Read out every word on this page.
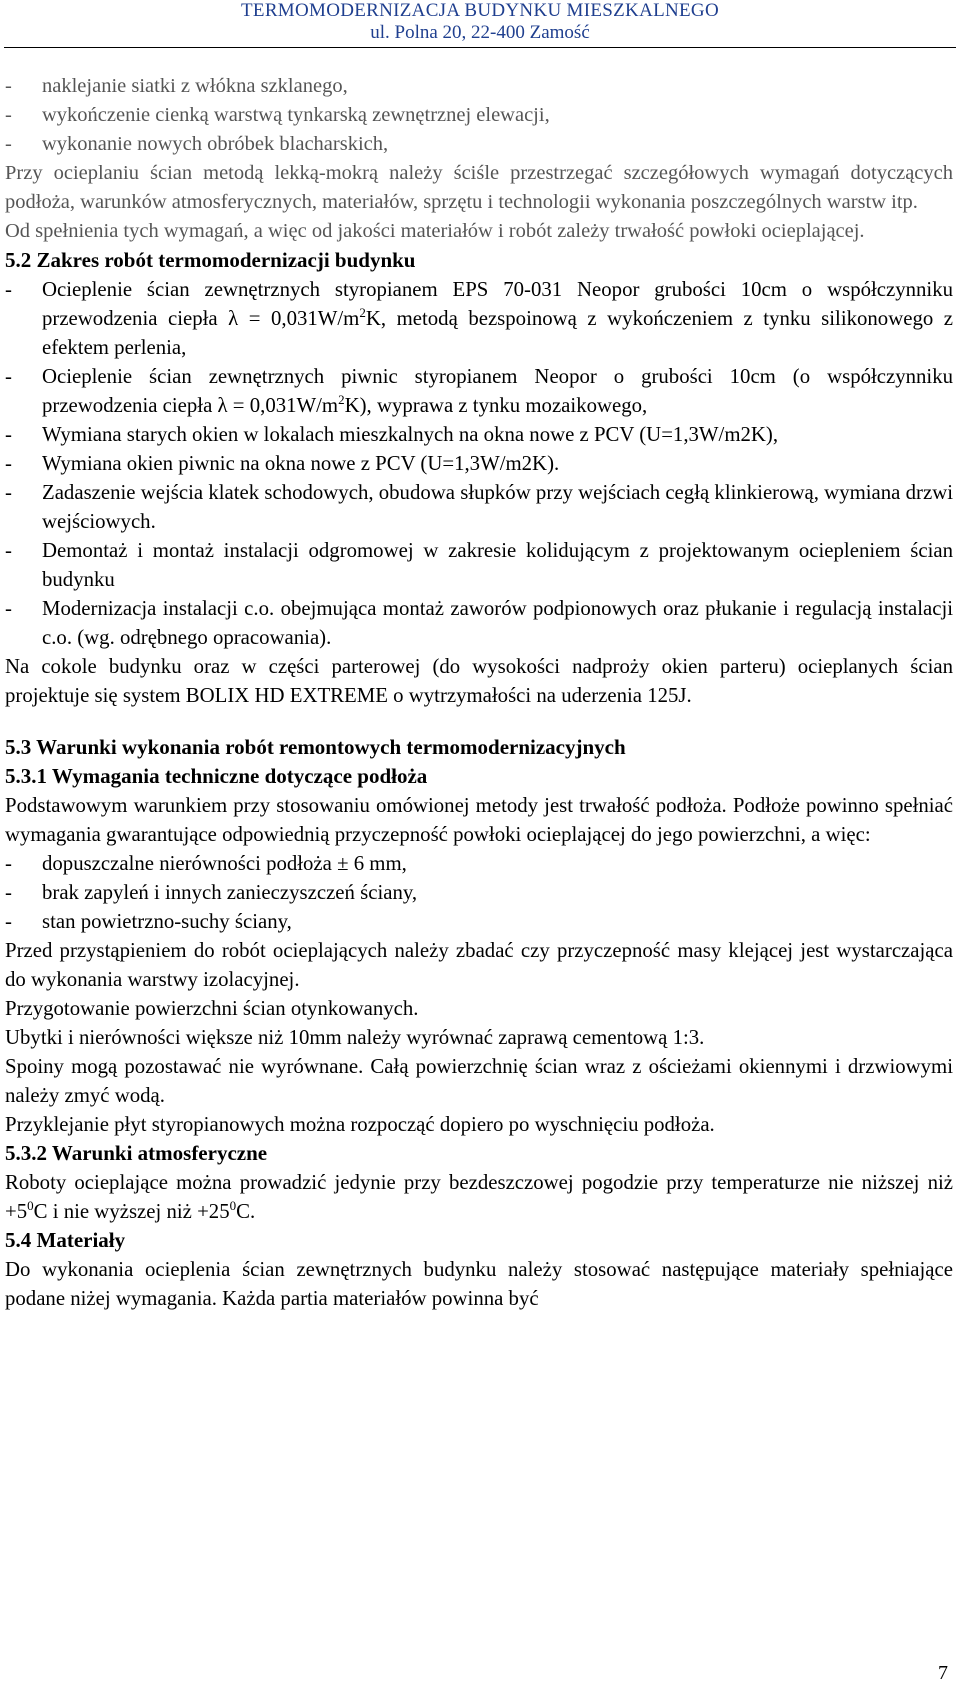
TERMOMODERNIZACJA BUDYNKU MIESZKALNEGO
ul. Polna 20, 22-400 Zamość
-	naklejanie siatki z włókna szklanego,
-	wykończenie cienką warstwą tynkarską zewnętrznej elewacji,
-	wykonanie nowych obróbek blacharskich,
Przy ocieplaniu ścian metodą lekką-mokrą należy ściśle przestrzegać szczegółowych wymagań dotyczących podłoża, warunków atmosferycznych, materiałów, sprzętu i technologii wykonania poszczególnych warstw itp.
Od spełnienia tych wymagań, a więc od jakości materiałów i robót zależy trwałość powłoki ocieplającej.
5.2 Zakres robót termomodernizacji budynku
-	Ocieplenie ścian zewnętrznych styropianem EPS 70-031 Neopor grubości 10cm o współczynniku przewodzenia ciepła $\lambda = 0,031W/m^2K$, metodą bezspoinową z wykończeniem z tynku silikonowego z efektem perlenia,
-	Ocieplenie ścian zewnętrznych piwnic styropianem Neopor o grubości 10cm (o współczynniku przewodzenia ciepła $\lambda = 0,031W/m^2K$), wyprawa z tynku mozaikowego,
-	Wymiana starych okien w lokalach mieszkalnych na okna nowe z PCV (U=1,3W/m2K),
-	Wymiana okien piwnic na okna nowe z PCV (U=1,3W/m2K).
-	Zadaszenie wejścia klatek schodowych, obudowa słupków przy wejściach cegłą klinkierową, wymiana drzwi wejściowych.
-	Demontaż i montaż instalacji odgromowej w zakresie kolidującym z projektowanym ociepleniem ścian budynku
-	Modernizacja instalacji c.o. obejmująca montaż zaworów podpionowych oraz płukanie i regulacją instalacji c.o. (wg. odrębnego opracowania).
Na cokole budynku oraz w części parterowej (do wysokości nadproży okien parteru) ocieplanych ścian projektuje się system BOLIX HD EXTREME o wytrzymałości na uderzenia 125J.
5.3 Warunki wykonania robót remontowych termomodernizacyjnych
5.3.1 Wymagania techniczne dotyczące podłoża
Podstawowym warunkiem przy stosowaniu omówionej metody jest trwałość podłoża. Podłoże powinno spełniać wymagania gwarantujące odpowiednią przyczepność powłoki ocieplającej do jego powierzchni, a więc:
-	dopuszczalne nierówności podłoża ± 6 mm,
-	brak zapyleń i innych zanieczyszczeń ściany,
-	stan powietrzno-suchy ściany,
Przed przystąpieniem do robót ocieplających należy zbadać czy przyczepność masy klejącej jest wystarczająca do wykonania warstwy izolacyjnej.
Przygotowanie powierzchni ścian otynkowanych.
Ubytki i nierówności większe niż 10mm należy wyrównać zaprawą cementową 1:3.
Spoiny mogą pozostawać nie wyrównane. Całą powierzchnię ścian wraz z ościeżami okiennymi i drzwiowymi należy zmyć wodą.
Przyklejanie płyt styropianowych można rozpocząć dopiero po wyschnięciu podłoża.
5.3.2 Warunki atmosferyczne
Roboty ocieplające można prowadzić jedynie przy bezdeszczowej pogodzie przy temperaturze nie niższej niż $+5^0C$ i nie wyższej niż $+25^0C$.
5.4 Materiały
Do wykonania ocieplenia ścian zewnętrznych budynku należy stosować następujące materiały spełniające podane niżej wymagania. Każda partia materiałów powinna być
7
